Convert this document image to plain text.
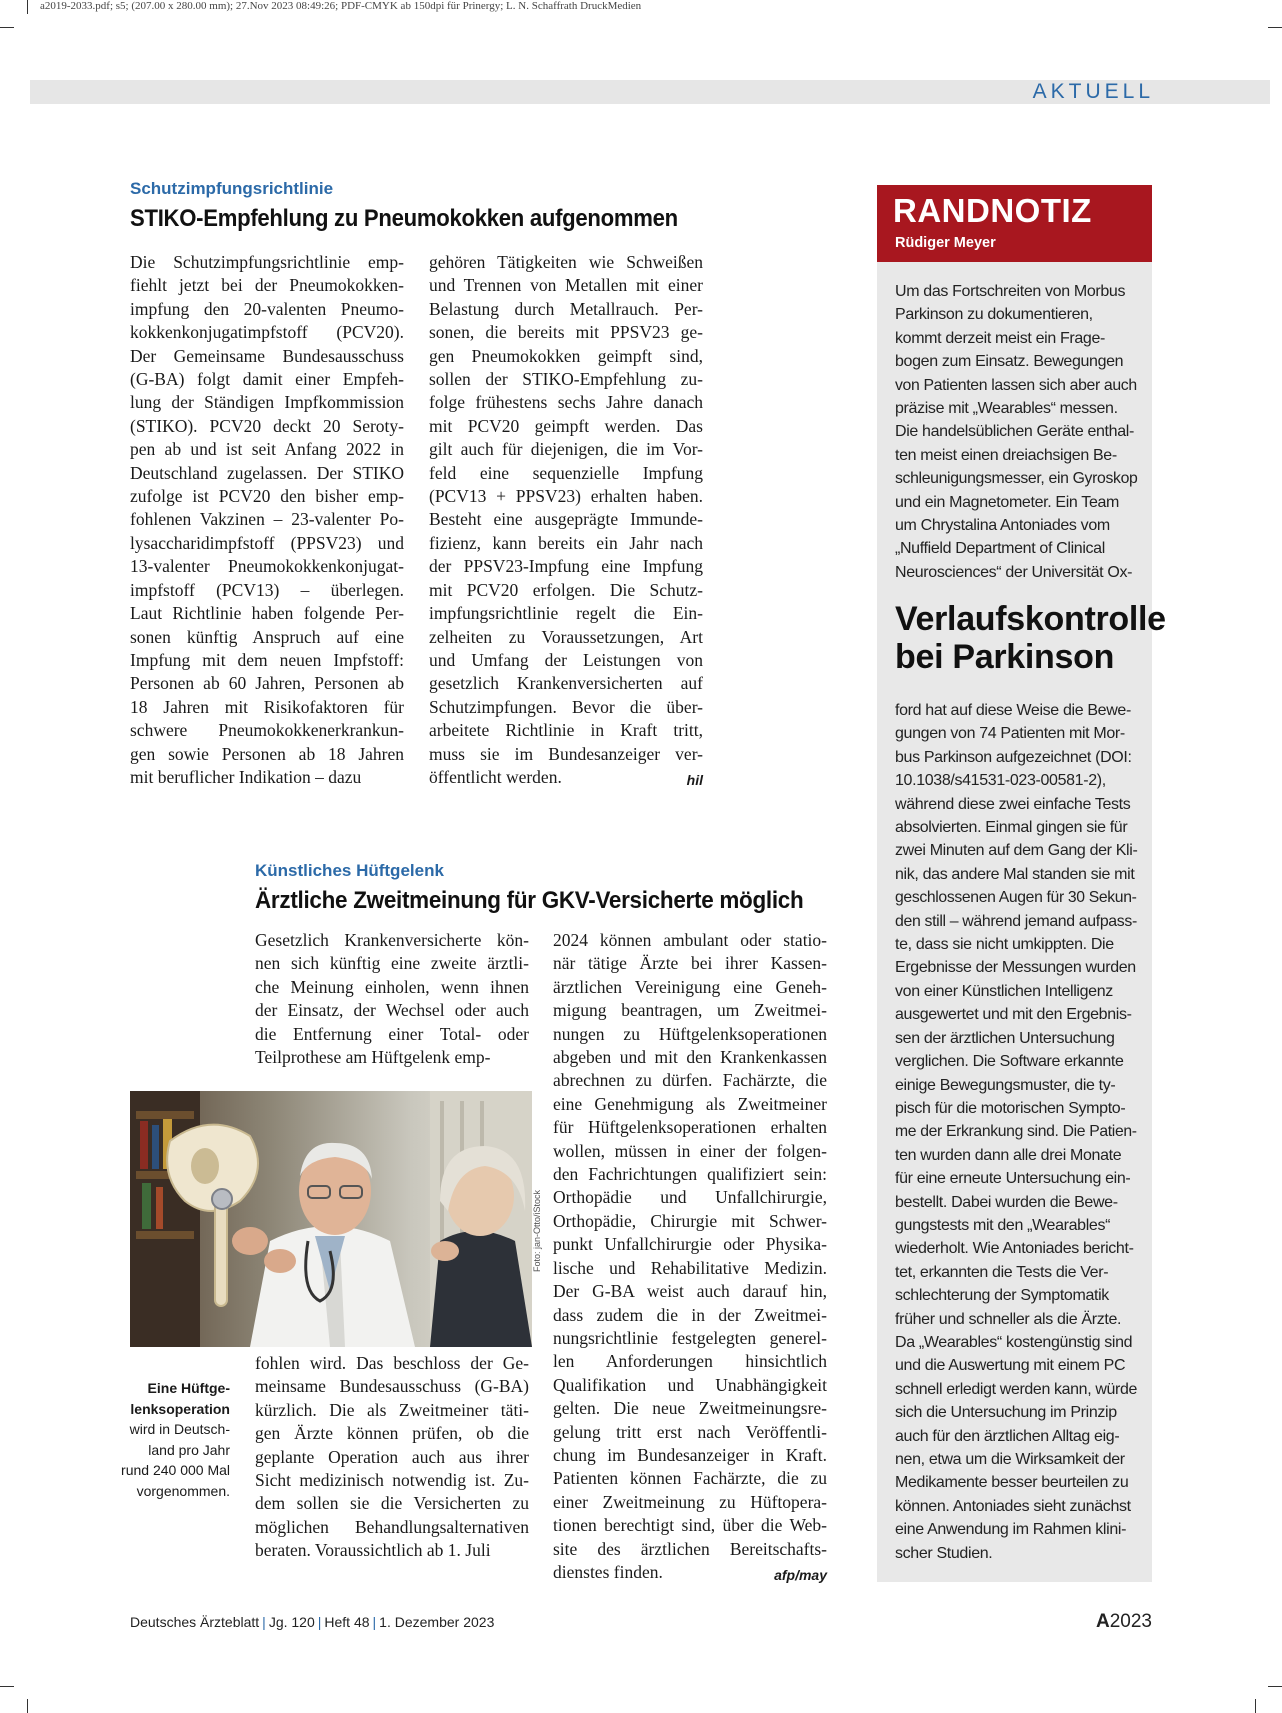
a2019-2033.pdf; s5; (207.00 x 280.00 mm); 27.Nov 2023 08:49:26; PDF-CMYK ab 150dpi für Prinergy; L. N. Schaffrath DruckMedien
AKTUELL
Schutzimpfungsrichtlinie
STIKO-Empfehlung zu Pneumokokken aufgenommen
Die Schutzimpfungsrichtlinie emp-
fiehlt jetzt bei der Pneumokokken-
impfung den 20-valenten Pneumo-
kokkenkonjugatimpfstoff (PCV20).
Der Gemeinsame Bundesausschuss
(G-BA) folgt damit einer Empfeh-
lung der Ständigen Impfkommission
(STIKO). PCV20 deckt 20 Seroty-
pen ab und ist seit Anfang 2022 in
Deutschland zugelassen. Der STIKO
zufolge ist PCV20 den bisher emp-
fohlenen Vakzinen – 23-valenter Po-
lysaccharidimpfstoff (PPSV23) und
13-valenter Pneumokokkenkonjugat-
impfstoff (PCV13) – überlegen.
Laut Richtlinie haben folgende Per-
sonen künftig Anspruch auf eine
Impfung mit dem neuen Impfstoff:
Personen ab 60 Jahren, Personen ab
18 Jahren mit Risikofaktoren für
schwere Pneumokokkenerkrankun-
gen sowie Personen ab 18 Jahren
mit beruflicher Indikation – dazu
gehören Tätigkeiten wie Schweißen
und Trennen von Metallen mit einer
Belastung durch Metallrauch. Per-
sonen, die bereits mit PPSV23 ge-
gen Pneumokokken geimpft sind,
sollen der STIKO-Empfehlung zu-
folge frühestens sechs Jahre danach
mit PCV20 geimpft werden. Das
gilt auch für diejenigen, die im Vor-
feld eine sequenzielle Impfung
(PCV13 + PPSV23) erhalten haben.
Besteht eine ausgeprägte Immunde-
fizienz, kann bereits ein Jahr nach
der PPSV23-Impfung eine Impfung
mit PCV20 erfolgen. Die Schutz-
impfungsrichtlinie regelt die Ein-
zelheiten zu Voraussetzungen, Art
und Umfang der Leistungen von
gesetzlich Krankenversicherten auf
Schutzimpfungen. Bevor die über-
arbeitete Richtlinie in Kraft tritt,
muss sie im Bundesanzeiger ver-
öffentlicht werden.	hil
Künstliches Hüftgelenk
Ärztliche Zweitmeinung für GKV-Versicherte möglich
Gesetzlich Krankenversicherte kön-
nen sich künftig eine zweite ärztli-
che Meinung einholen, wenn ihnen
der Einsatz, der Wechsel oder auch
die Entfernung einer Total- oder
Teilprothese am Hüftgelenk emp-
Foto: jan-Otto/iStock
Eine Hüftge-
lenksoperation
wird in Deutsch-
land pro Jahr
rund 240 000 Mal
vorgenommen.
fohlen wird. Das beschloss der Ge-
meinsame Bundesausschuss (G-BA)
kürzlich. Die als Zweitmeiner täti-
gen Ärzte können prüfen, ob die
geplante Operation auch aus ihrer
Sicht medizinisch notwendig ist. Zu-
dem sollen sie die Versicherten zu
möglichen Behandlungsalternativen
beraten. Voraussichtlich ab 1. Juli
2024 können ambulant oder statio-
när tätige Ärzte bei ihrer Kassen-
ärztlichen Vereinigung eine Geneh-
migung beantragen, um Zweitmei-
nungen zu Hüftgelenksoperationen
abgeben und mit den Krankenkassen
abrechnen zu dürfen. Fachärzte, die
eine Genehmigung als Zweitmeiner
für Hüftgelenksoperationen erhalten
wollen, müssen in einer der folgen-
den Fachrichtungen qualifiziert sein:
Orthopädie und Unfallchirurgie,
Orthopädie, Chirurgie mit Schwer-
punkt Unfallchirurgie oder Physika-
lische und Rehabilitative Medizin.
Der G-BA weist auch darauf hin,
dass zudem die in der Zweitmei-
nungsrichtlinie festgelegten generel-
len Anforderungen hinsichtlich
Qualifikation und Unabhängigkeit
gelten. Die neue Zweitmeinungsre-
gelung tritt erst nach Veröffentli-
chung im Bundesanzeiger in Kraft.
Patienten können Fachärzte, die zu
einer Zweitmeinung zu Hüftopera-
tionen berechtigt sind, über die Web-
site des ärztlichen Bereitschafts-
dienstes finden.	afp/may
RANDNOTIZ
Rüdiger Meyer
Um das Fortschreiten von Morbus
Parkinson zu dokumentieren,
kommt derzeit meist ein Frage-
bogen zum Einsatz. Bewegungen
von Patienten lassen sich aber auch
präzise mit „Wearables“ messen.
Die handelsüblichen Geräte enthal-
ten meist einen dreiachsigen Be-
schleunigungsmesser, ein Gyroskop
und ein Magnetometer. Ein Team
um Chrystalina Antoniades vom
„Nuffield Department of Clinical
Neurosciences“ der Universität Ox-
Verlaufskontrolle
bei Parkinson
ford hat auf diese Weise die Bewe-
gungen von 74 Patienten mit Mor-
bus Parkinson aufgezeichnet (DOI:
10.1038/s41531-023-00581-2),
während diese zwei einfache Tests
absolvierten. Einmal gingen sie für
zwei Minuten auf dem Gang der Kli-
nik, das andere Mal standen sie mit
geschlossenen Augen für 30 Sekun-
den still – während jemand aufpass-
te, dass sie nicht umkippten. Die
Ergebnisse der Messungen wurden
von einer Künstlichen Intelligenz
ausgewertet und mit den Ergebnis-
sen der ärztlichen Untersuchung
verglichen. Die Software erkannte
einige Bewegungsmuster, die ty-
pisch für die motorischen Sympto-
me der Erkrankung sind. Die Patien-
ten wurden dann alle drei Monate
für eine erneute Untersuchung ein-
bestellt. Dabei wurden die Bewe-
gungstests mit den „Wearables“
wiederholt. Wie Antoniades bericht-
tet, erkannten die Tests die Ver-
schlechterung der Symptomatik
früher und schneller als die Ärzte.
Da „Wearables“ kostengünstig sind
und die Auswertung mit einem PC
schnell erledigt werden kann, würde
sich die Untersuchung im Prinzip
auch für den ärztlichen Alltag eig-
nen, etwa um die Wirksamkeit der
Medikamente besser beurteilen zu
können. Antoniades sieht zunächst
eine Anwendung im Rahmen klini-
scher Studien.
Deutsches Ärzteblatt | Jg. 120 | Heft 48 | 1. Dezember 2023	A2023
